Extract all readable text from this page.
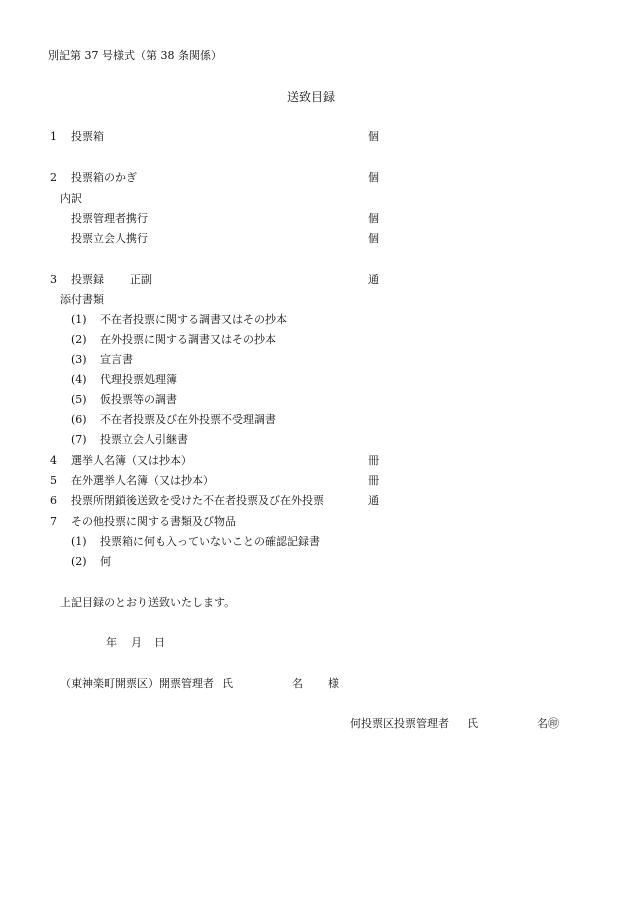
別記第 37 号様式（第 38 条関係）
送致目録
1 投票箱	個
2 投票箱のかぎ	個
内訳
投票管理者携行	個
投票立会人携行	個
3 投票録 正副	通
添付書類
(1) 不在者投票に関する調書又はその抄本
(2) 在外投票に関する調書又はその抄本
(3) 宣言書
(4) 代理投票処理簿
(5) 仮投票等の調書
(6) 不在者投票及び在外投票不受理調書
(7) 投票立会人引継書
4 選挙人名簿（又は抄本）	冊
5 在外選挙人名簿（又は抄本）	冊
6 投票所閉鎖後送致を受けた不在者投票及び在外投票	通
7 その他投票に関する書類及び物品
(1) 投票箱に何も入っていないことの確認記録書
(2) 何
上記目録のとおり送致いたします。
年 月 日
（東神楽町開票区）開票管理者 氏	名 様
何投票区投票管理者 氏	名㊞
